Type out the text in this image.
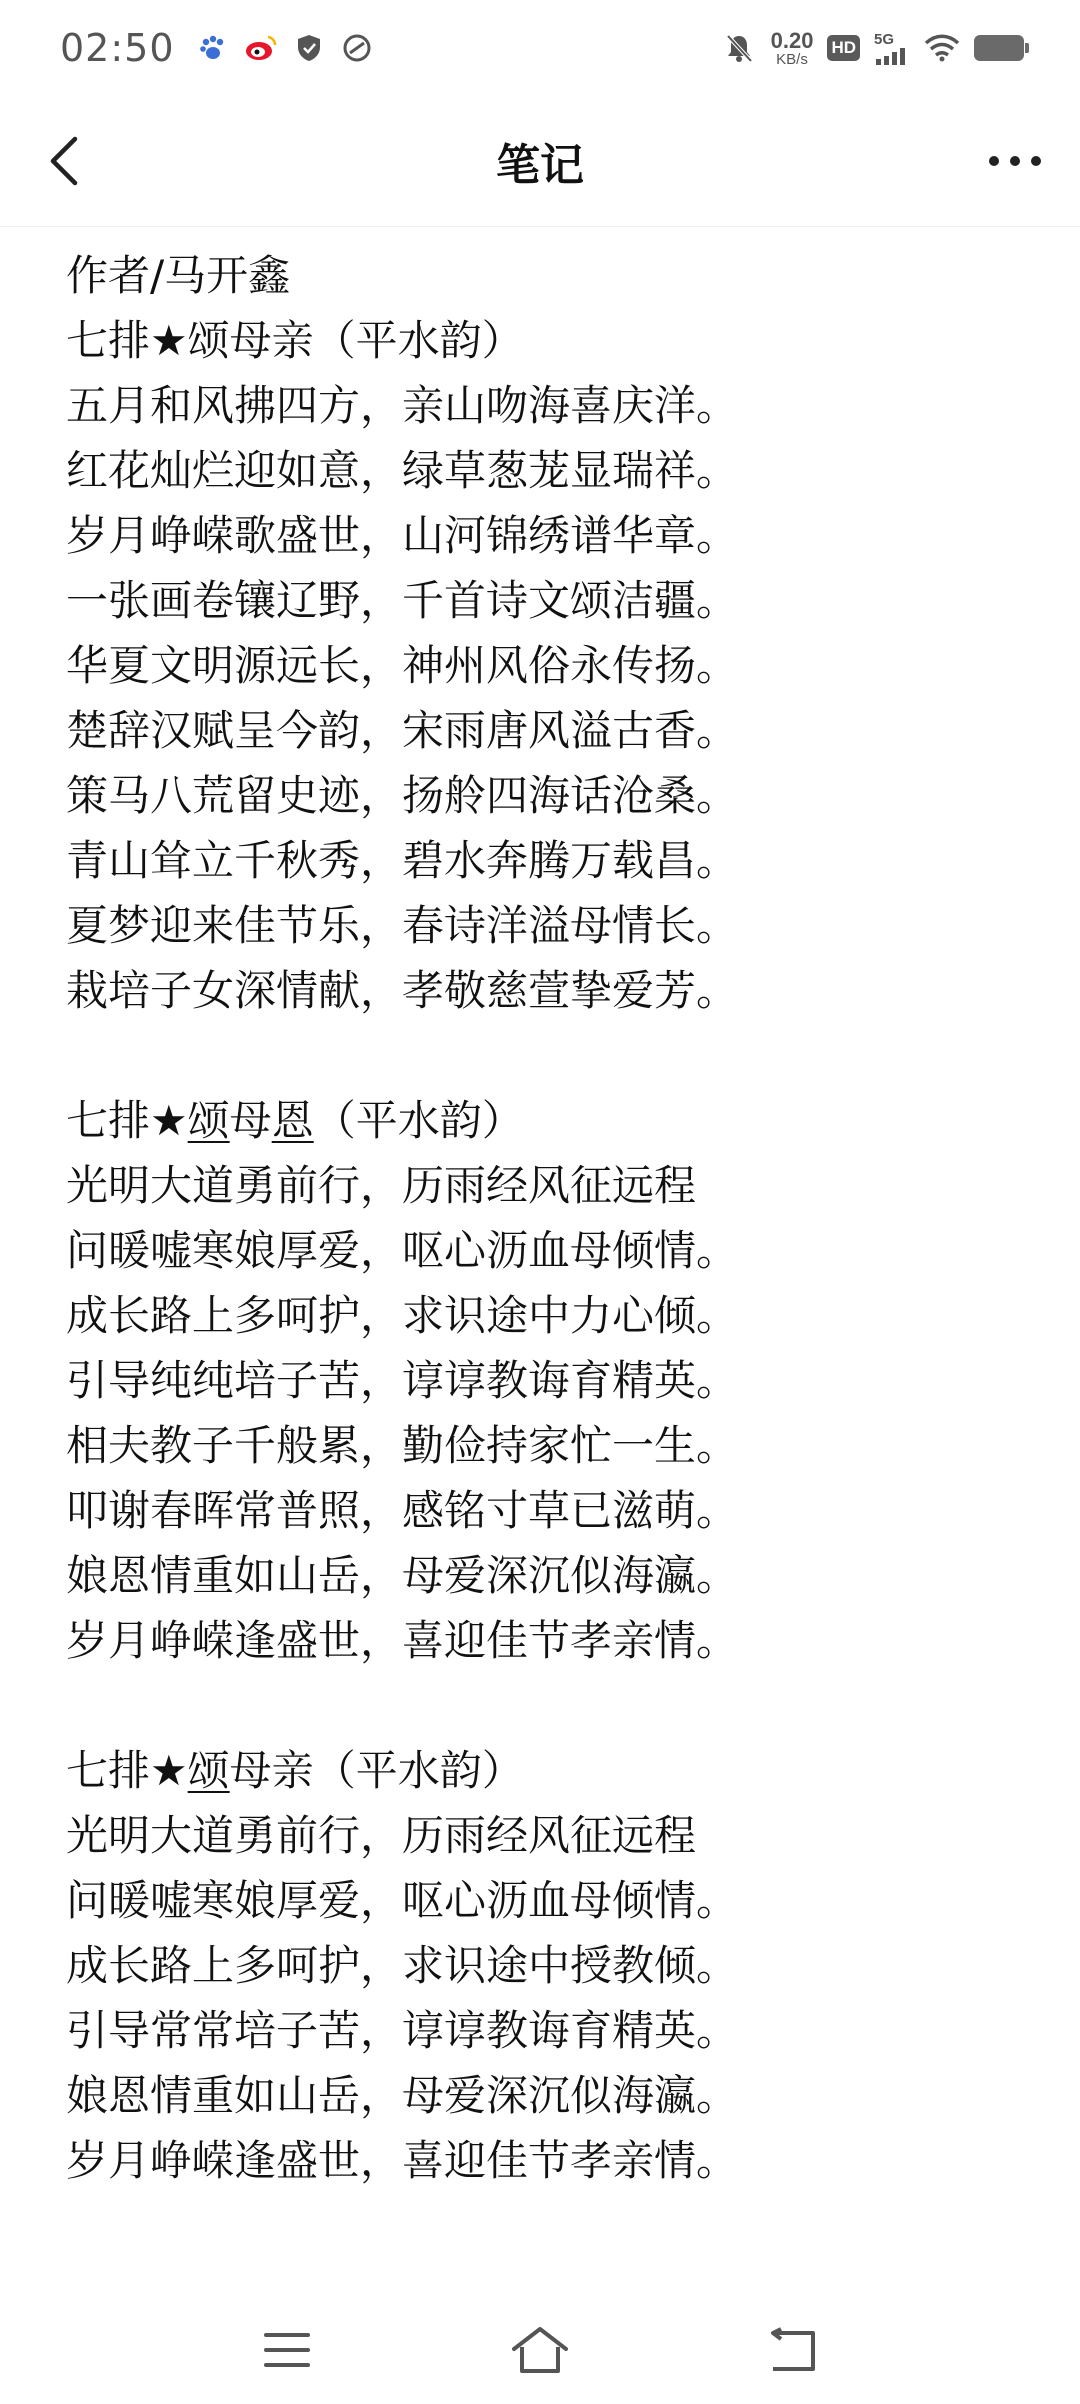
02:50	0.20
KB/s
HD 5G
笔记
作者/马开鑫
七排★颂母亲（平水韵）
五月和风拂四方，亲山吻海喜庆洋。
红花灿烂迎如意，绿草葱茏显瑞祥。
岁月峥嵘歌盛世，山河锦绣谱华章。
一张画卷镶辽野，千首诗文颂洁疆。
华夏文明源远长，神州风俗永传扬。
楚辞汉赋呈今韵，宋雨唐风溢古香。
策马八荒留史迹，扬舲四海话沧桑。
青山耸立千秋秀，碧水奔腾万载昌。
夏梦迎来佳节乐，春诗洋溢母情长。
栽培子女深情献，孝敬慈萱挚爱芳。
七排★颂母恩（平水韵）
光明大道勇前行，历雨经风征远程
问暖嘘寒娘厚爱，呕心沥血母倾情。
成长路上多呵护，求识途中力心倾。
引导纯纯培子苦，谆谆教诲育精英。
相夫教子千般累，勤俭持家忙一生。
叩谢春晖常普照，感铭寸草已滋萌。
娘恩情重如山岳，母爱深沉似海瀛。
岁月峥嵘逢盛世，喜迎佳节孝亲情。
七排★颂母亲（平水韵）
光明大道勇前行，历雨经风征远程
问暖嘘寒娘厚爱，呕心沥血母倾情。
成长路上多呵护，求识途中授教倾。
引导常常培子苦，谆谆教诲育精英。
娘恩情重如山岳，母爱深沉似海瀛。
岁月峥嵘逢盛世，喜迎佳节孝亲情。
